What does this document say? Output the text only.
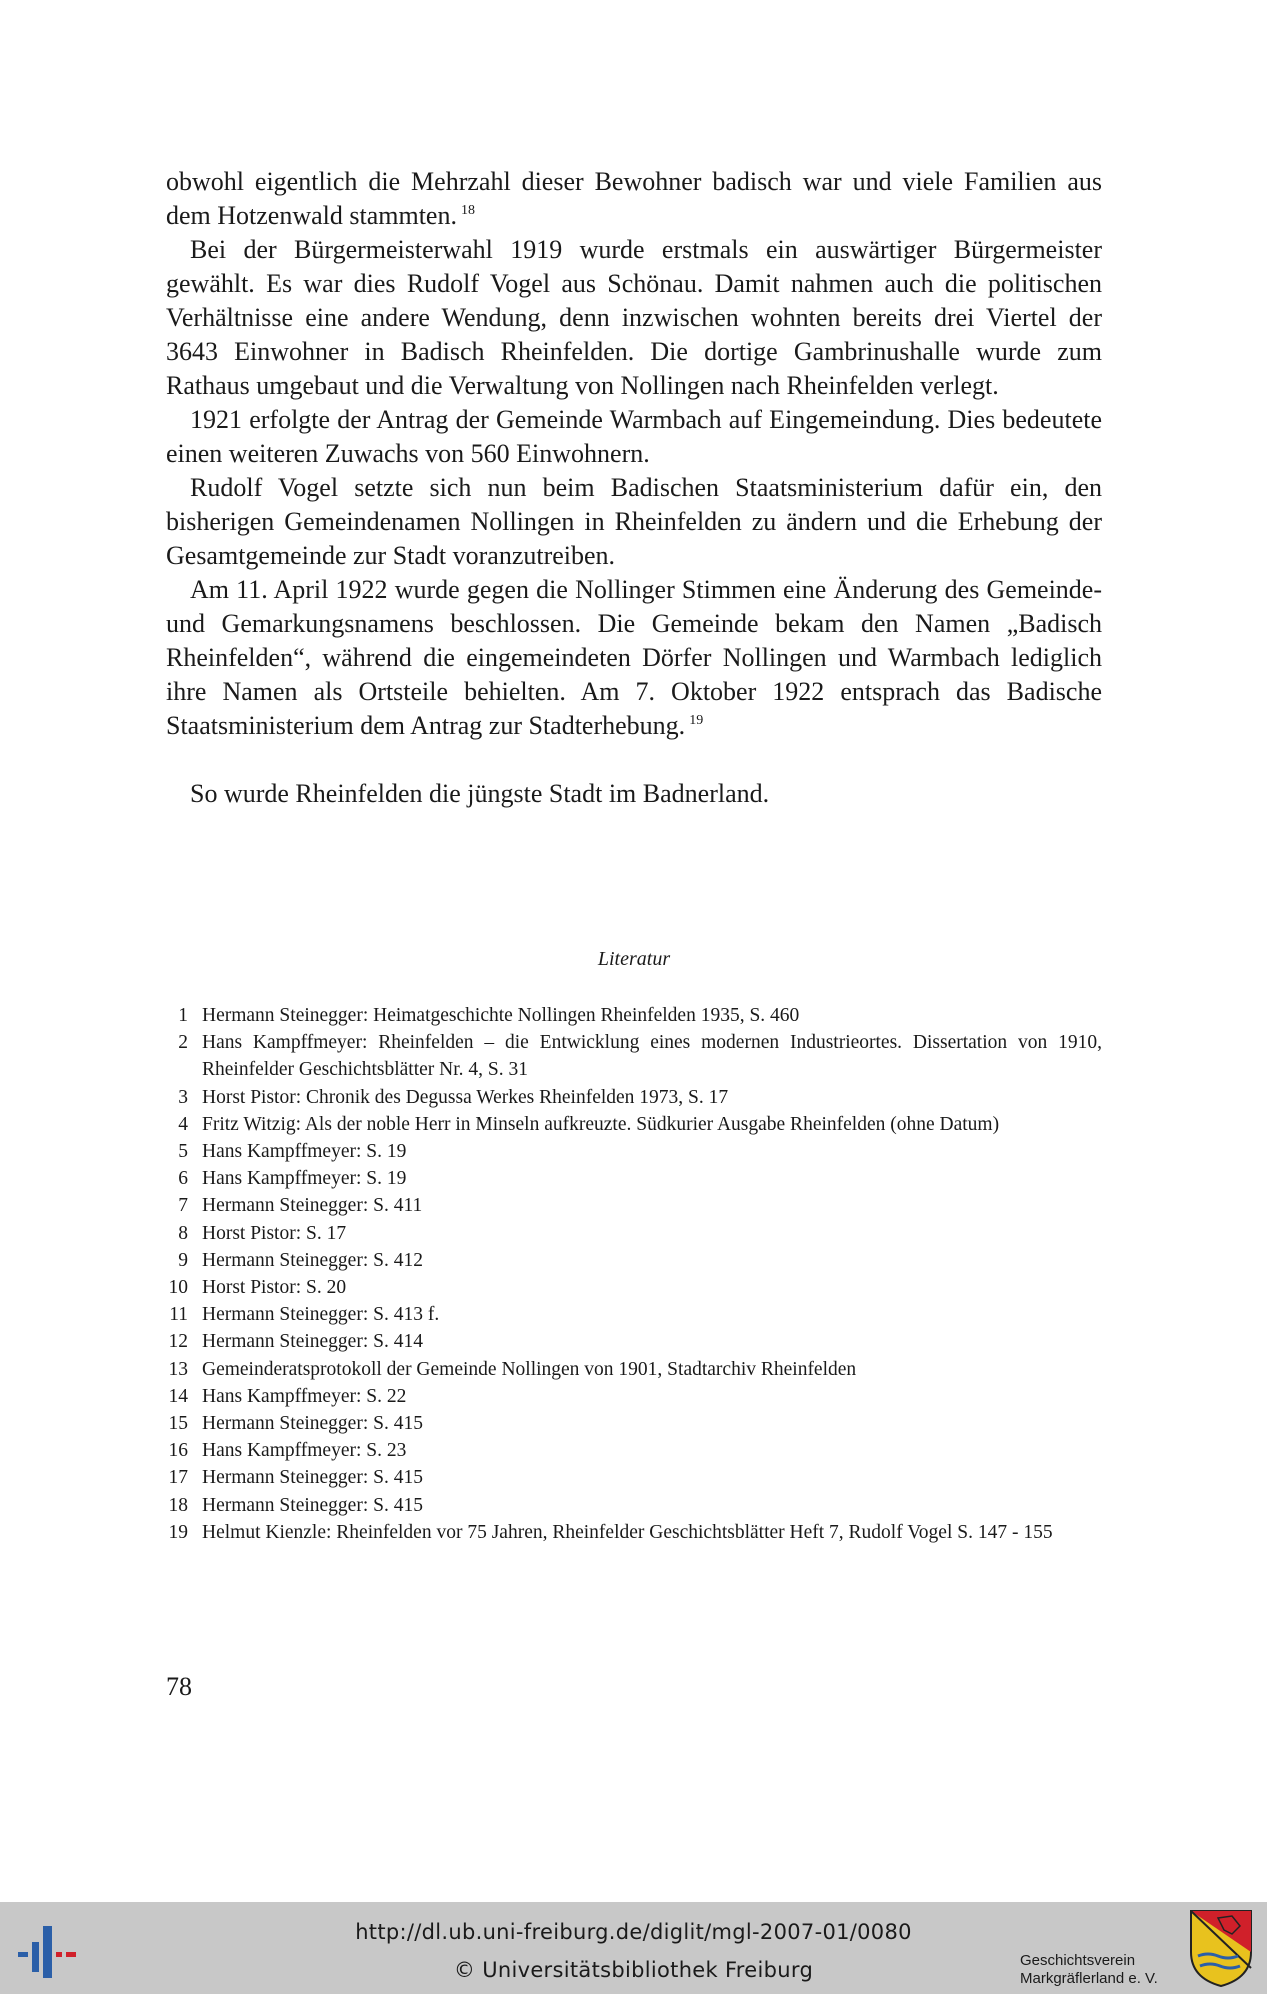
obwohl eigentlich die Mehrzahl dieser Bewohner badisch war und viele Familien aus dem Hotzenwald stammten. $^{18}$

Bei der Bürgermeisterwahl 1919 wurde erstmals ein auswärtiger Bürgermeister gewählt. Es war dies Rudolf Vogel aus Schönau. Damit nahmen auch die politischen Verhältnisse eine andere Wendung, denn inzwischen wohnten bereits drei Viertel der 3643 Einwohner in Badisch Rheinfelden. Die dortige Gambrinushalle wurde zum Rathaus umgebaut und die Verwaltung von Nollingen nach Rheinfelden verlegt.

1921 erfolgte der Antrag der Gemeinde Warmbach auf Eingemeindung. Dies bedeutete einen weiteren Zuwachs von 560 Einwohnern.

Rudolf Vogel setzte sich nun beim Badischen Staatsministerium dafür ein, den bisherigen Gemeindenamen Nollingen in Rheinfelden zu ändern und die Erhebung der Gesamtgemeinde zur Stadt voranzutreiben.

Am 11. April 1922 wurde gegen die Nollinger Stimmen eine Änderung des Gemeinde- und Gemarkungsnamens beschlossen. Die Gemeinde bekam den Namen „Badisch Rheinfelden“, während die eingemeindeten Dörfer Nollingen und Warmbach lediglich ihre Namen als Ortsteile behielten. Am 7. Oktober 1922 entsprach das Badische Staatsministerium dem Antrag zur Stadterhebung. $^{19}$

So wurde Rheinfelden die jüngste Stadt im Badnerland.

Literatur
1 Hermann Steinegger: Heimatgeschichte Nollingen Rheinfelden 1935, S. 460
2 Hans Kampffmeyer: Rheinfelden – die Entwicklung eines modernen Industrieortes. Dissertation von 1910, Rheinfelder Geschichtsblätter Nr. 4, S. 31
3 Horst Pistor: Chronik des Degussa Werkes Rheinfelden 1973, S. 17
4 Fritz Witzig: Als der noble Herr in Minseln aufkreuzte. Südkurier Ausgabe Rheinfelden (ohne Datum)
5 Hans Kampffmeyer: S. 19
6 Hans Kampffmeyer: S. 19
7 Hermann Steinegger: S. 411
8 Horst Pistor: S. 17
9 Hermann Steinegger: S. 412
10 Horst Pistor: S. 20
11 Hermann Steinegger: S. 413 f.
12 Hermann Steinegger: S. 414
13 Gemeinderatsprotokoll der Gemeinde Nollingen von 1901, Stadtarchiv Rheinfelden
14 Hans Kampffmeyer: S. 22
15 Hermann Steinegger: S. 415
16 Hans Kampffmeyer: S. 23
17 Hermann Steinegger: S. 415
18 Hermann Steinegger: S. 415
19 Helmut Kienzle: Rheinfelden vor 75 Jahren, Rheinfelder Geschichtsblätter Heft 7, Rudolf Vogel S. 147 - 155
78
http://dl.ub.uni-freiburg.de/diglit/mgl-2007-01/0080
© Universitätsbibliothek Freiburg	Geschichtsverein
Markgräflerland e. V.
